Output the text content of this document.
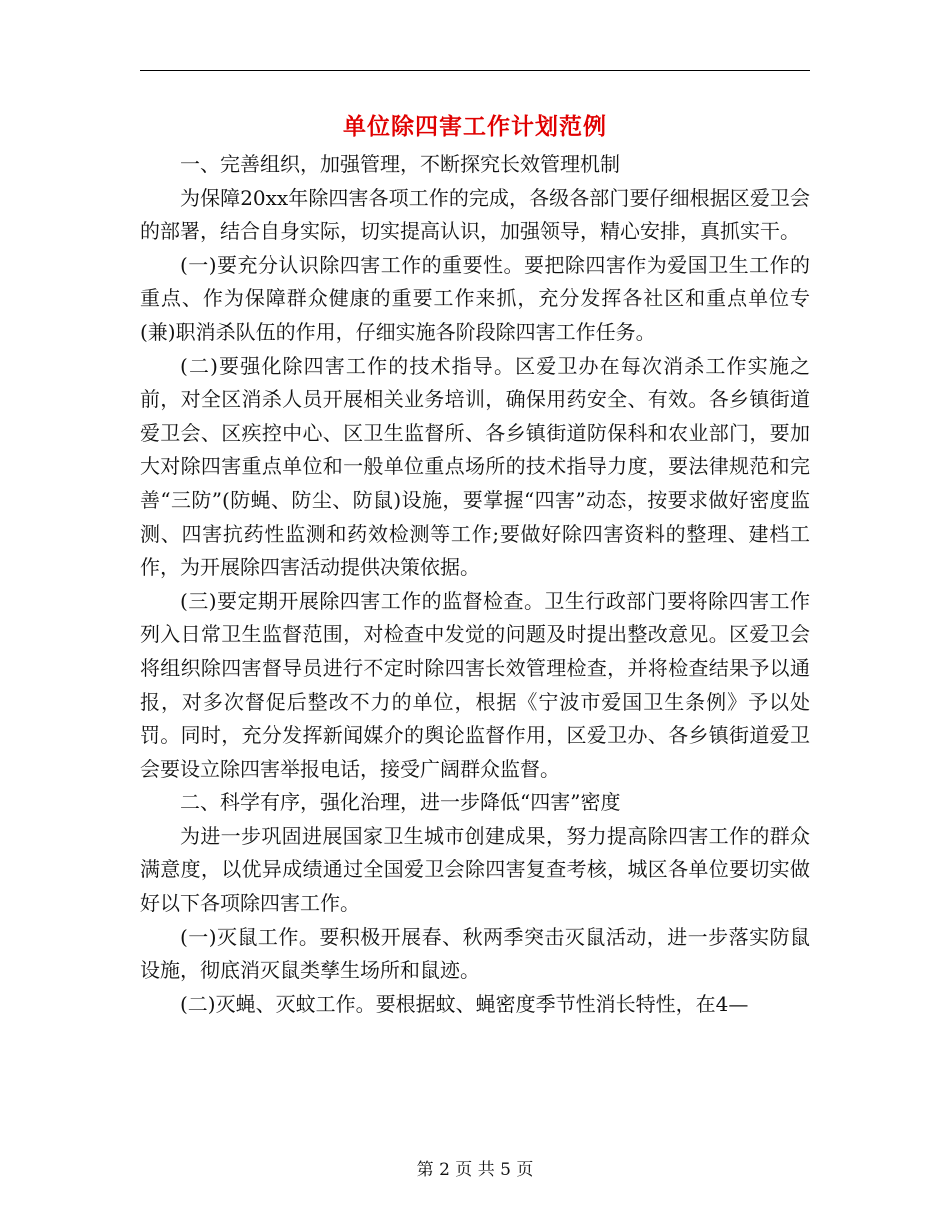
单位除四害工作计划范例

一、完善组织，加强管理，不断探究长效管理机制

为保障20xx年除四害各项工作的完成，各级各部门要仔细根据区爱卫会的部署，结合自身实际，切实提高认识，加强领导，精心安排，真抓实干。

(一)要充分认识除四害工作的重要性。要把除四害作为爱国卫生工作的重点、作为保障群众健康的重要工作来抓，充分发挥各社区和重点单位专(兼)职消杀队伍的作用，仔细实施各阶段除四害工作任务。

(二)要强化除四害工作的技术指导。区爱卫办在每次消杀工作实施之前，对全区消杀人员开展相关业务培训，确保用药安全、有效。各乡镇街道爱卫会、区疾控中心、区卫生监督所、各乡镇街道防保科和农业部门，要加大对除四害重点单位和一般单位重点场所的技术指导力度，要法律规范和完善“三防”(防蝇、防尘、防鼠)设施，要掌握“四害”动态，按要求做好密度监测、四害抗药性监测和药效检测等工作;要做好除四害资料的整理、建档工作，为开展除四害活动提供决策依据。

(三)要定期开展除四害工作的监督检查。卫生行政部门要将除四害工作列入日常卫生监督范围，对检查中发觉的问题及时提出整改意见。区爱卫会将组织除四害督导员进行不定时除四害长效管理检查，并将检查结果予以通报，对多次督促后整改不力的单位，根据《宁波市爱国卫生条例》予以处罚。同时，充分发挥新闻媒介的舆论监督作用，区爱卫办、各乡镇街道爱卫会要设立除四害举报电话，接受广阔群众监督。

二、科学有序，强化治理，进一步降低“四害”密度

为进一步巩固进展国家卫生城市创建成果，努力提高除四害工作的群众满意度，以优异成绩通过全国爱卫会除四害复查考核，城区各单位要切实做好以下各项除四害工作。

(一)灭鼠工作。要积极开展春、秋两季突击灭鼠活动，进一步落实防鼠设施，彻底消灭鼠类孳生场所和鼠迹。

(二)灭蝇、灭蚊工作。要根据蚊、蝇密度季节性消长特性，在4—

第 2 页 共 5 页
